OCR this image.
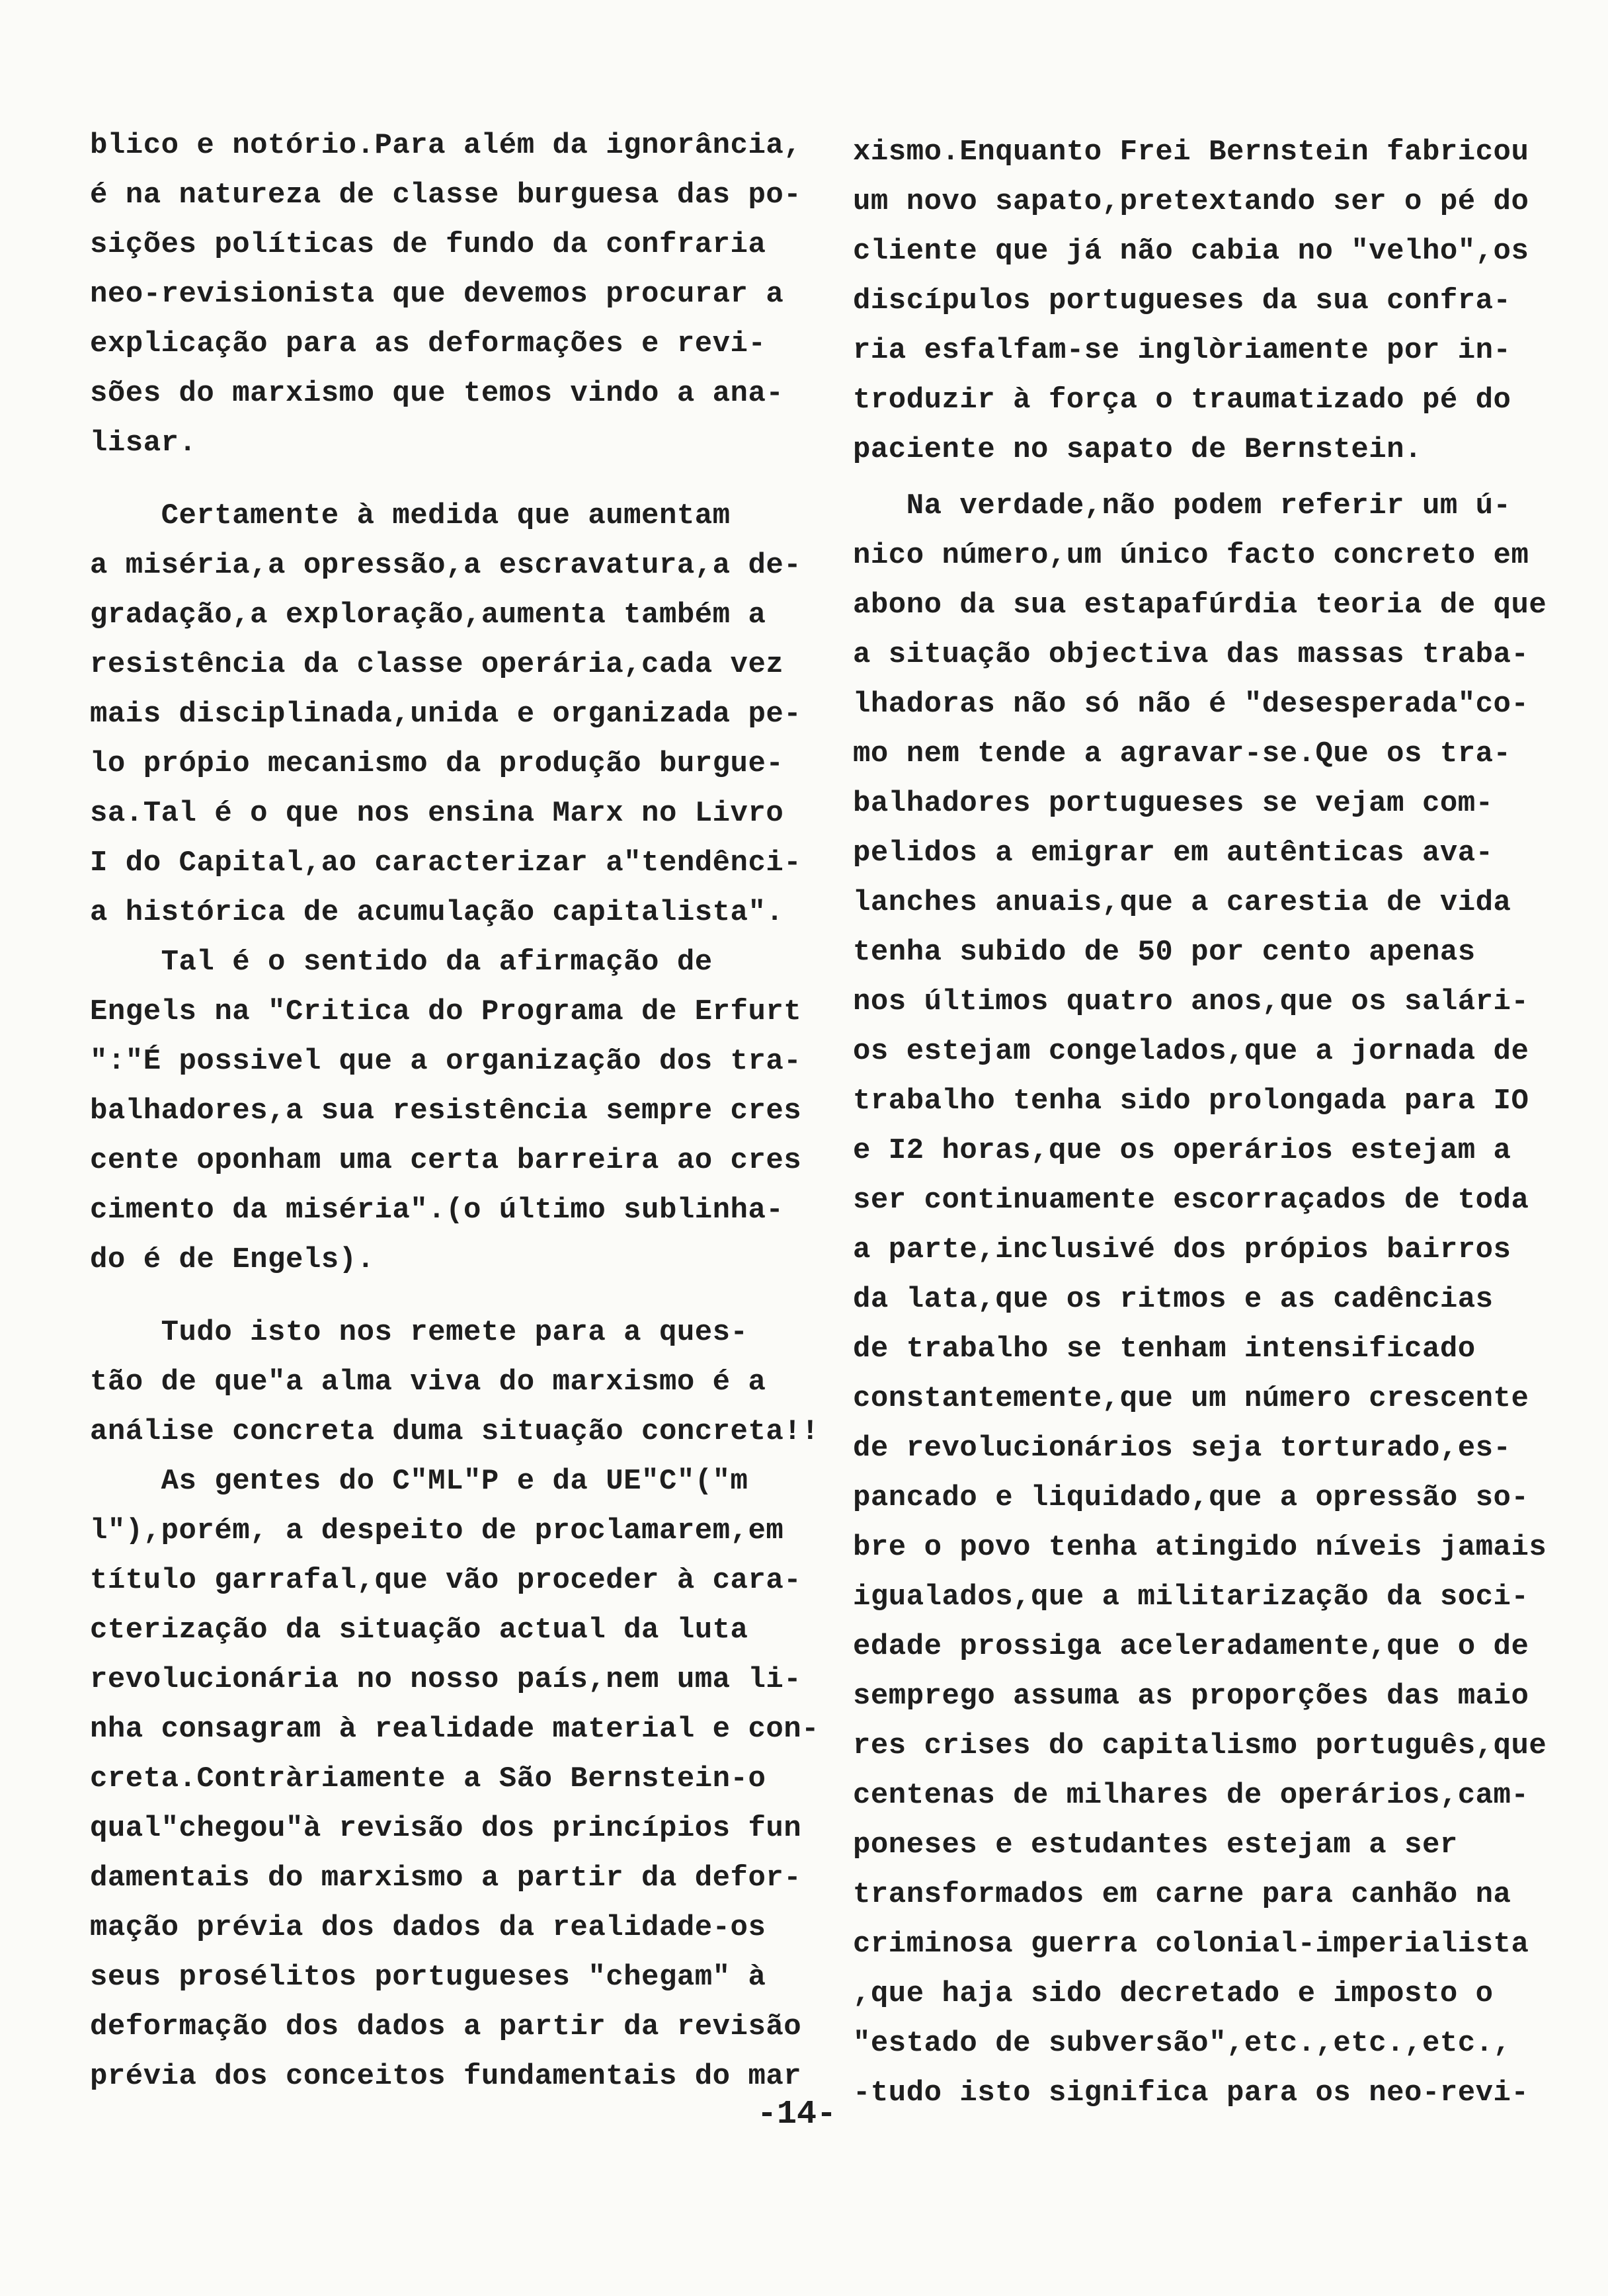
blico e notório.Para além da ignorância,
é na natureza de classe burguesa das po-
sições políticas de fundo da confraria
neo-revisionista que devemos procurar a
explicação para as deformações e revi-
sões do marxismo que temos vindo a ana-
lisar.
Certamente à medida que aumentam
a miséria,a opressão,a escravatura,a de-
gradação,a exploração,aumenta também a
resistência da classe operária,cada vez
mais disciplinada,unida e organizada pe-
lo própio mecanismo da produção burgue-
sa.Tal é o que nos ensina Marx no Livro
I do Capital,ao caracterizar a"tendênci-
a histórica de acumulação capitalista".
Tal é o sentido da afirmação de
Engels na "Critica do Programa de Erfurt
":"É possivel que a organização dos tra-
balhadores,a sua resistência sempre cres
cente oponham uma certa barreira ao cres
cimento da miséria".(o último sublinha-
do é de Engels).
Tudo isto nos remete para a ques-
tão de que"a alma viva do marxismo é a
análise concreta duma situação concreta!!
As gentes do C"ML"P e da UE"C"("m
l"),porém, a despeito de proclamarem,em
título garrafal,que vão proceder à cara-
cterização da situação actual da luta
revolucionária no nosso país,nem uma li-
nha consagram à realidade material e con-
creta.Contràriamente a São Bernstein-o
qual"chegou"à revisão dos princípios fun
damentais do marxismo a partir da defor-
mação prévia dos dados da realidade-os
seus prosélitos portugueses "chegam" à
deformação dos dados a partir da revisão
prévia dos conceitos fundamentais do mar
xismo.Enquanto Frei Bernstein fabricou
um novo sapato,pretextando ser o pé do
cliente que já não cabia no "velho",os
discípulos portugueses da sua confra-
ria esfalfam-se inglòriamente por in-
troduzir à força o traumatizado pé do
paciente no sapato de Bernstein.
Na verdade,não podem referir um ú-
nico número,um único facto concreto em
abono da sua estapafúrdia teoria de que
a situação objectiva das massas traba-
lhadoras não só não é "desesperada"co-
mo nem tende a agravar-se.Que os tra-
balhadores portugueses se vejam com-
pelidos a emigrar em autênticas ava-
lanches anuais,que a carestia de vida
tenha subido de 50 por cento apenas
nos últimos quatro anos,que os salári-
os estejam congelados,que a jornada de
trabalho tenha sido prolongada para IO
e I2 horas,que os operários estejam a
ser continuamente escorraçados de toda
a parte,inclusivé dos própios bairros
da lata,que os ritmos e as cadências
de trabalho se tenham intensificado
constantemente,que um número crescente
de revolucionários seja torturado,es-
pancado e liquidado,que a opressão so-
bre o povo tenha atingido níveis jamais
igualados,que a militarização da soci-
edade prossiga aceleradamente,que o de
semprego assuma as proporções das maio
res crises do capitalismo português,que
centenas de milhares de operários,cam-
poneses e estudantes estejam a ser
transformados em carne para canhão na
criminosa guerra colonial-imperialista
,que haja sido decretado e imposto o
"estado de subversão",etc.,etc.,etc.,
-tudo isto significa para os neo-revi-
-14-
